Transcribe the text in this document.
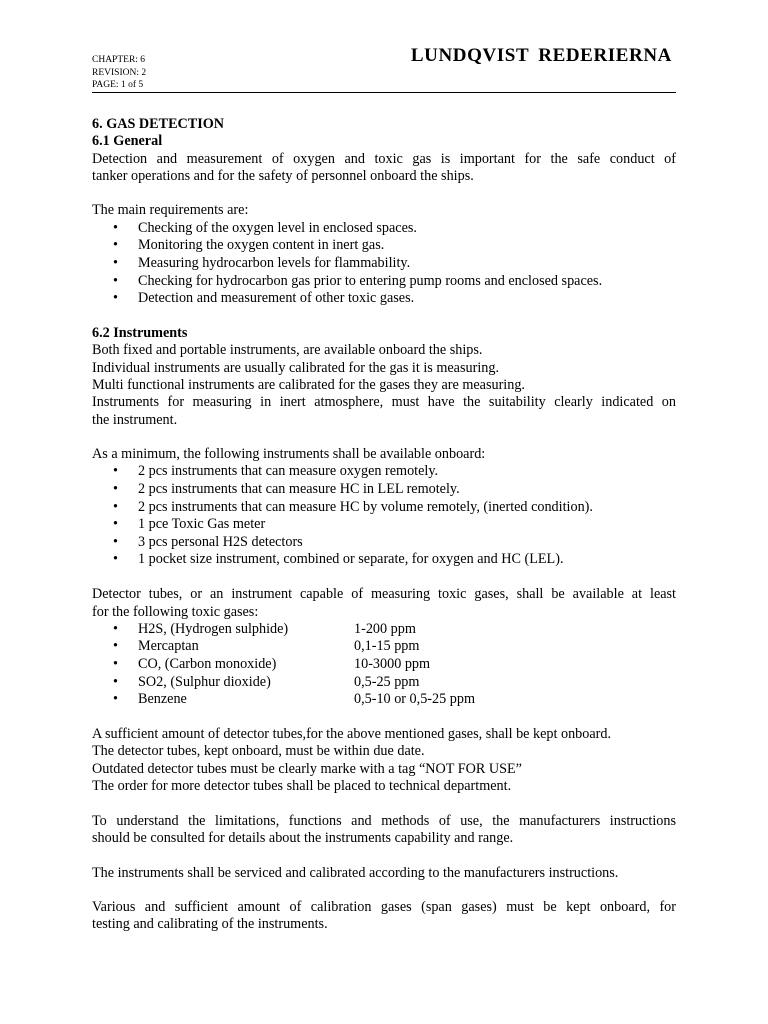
CHAPTER: 6
REVISION: 2
PAGE: 1 of 5
LUNDQVIST REDERIERNA
6. GAS DETECTION
6.1 General
Detection and measurement of oxygen and toxic gas is important for the safe conduct of
tanker operations and for the safety of personnel onboard the ships.
The main requirements are:
• Checking of the oxygen level in enclosed spaces.
• Monitoring the oxygen content in inert gas.
• Measuring hydrocarbon levels for flammability.
• Checking for hydrocarbon gas prior to entering pump rooms and enclosed spaces.
• Detection and measurement of other toxic gases.
6.2 Instruments
Both fixed and portable instruments, are available onboard the ships.
Individual instruments are usually calibrated for the gas it is measuring.
Multi functional instruments are calibrated for the gases they are measuring.
Instruments for measuring in inert atmosphere, must have the suitability clearly indicated on
the instrument.
As a minimum, the following instruments shall be available onboard:
• 2 pcs instruments that can measure oxygen remotely.
• 2 pcs instruments that can measure HC in LEL remotely.
• 2 pcs instruments that can measure HC by volume remotely, (inerted condition).
• 1 pce Toxic Gas meter
• 3 pcs personal H2S detectors
• 1 pocket size instrument, combined or separate, for oxygen and HC (LEL).
Detector tubes, or an instrument capable of measuring toxic gases, shall be available at least
for the following toxic gases:
• H2S, (Hydrogen sulphide)	1-200 ppm
• Mercaptan	0,1-15 ppm
• CO, (Carbon monoxide)	10-3000 ppm
• SO2, (Sulphur dioxide)	0,5-25 ppm
• Benzene	0,5-10 or 0,5-25 ppm
A sufficient amount of detector tubes,for the above mentioned gases, shall be kept onboard.
The detector tubes, kept onboard, must be within due date.
Outdated detector tubes must be clearly marke with a tag “NOT FOR USE”
The order for more detector tubes shall be placed to technical department.
To understand the limitations, functions and methods of use, the manufacturers instructions
should be consulted for details about the instruments capability and range.
The instruments shall be serviced and calibrated according to the manufacturers instructions.
Various and sufficient amount of calibration gases (span gases) must be kept onboard, for
testing and calibrating of the instruments.
